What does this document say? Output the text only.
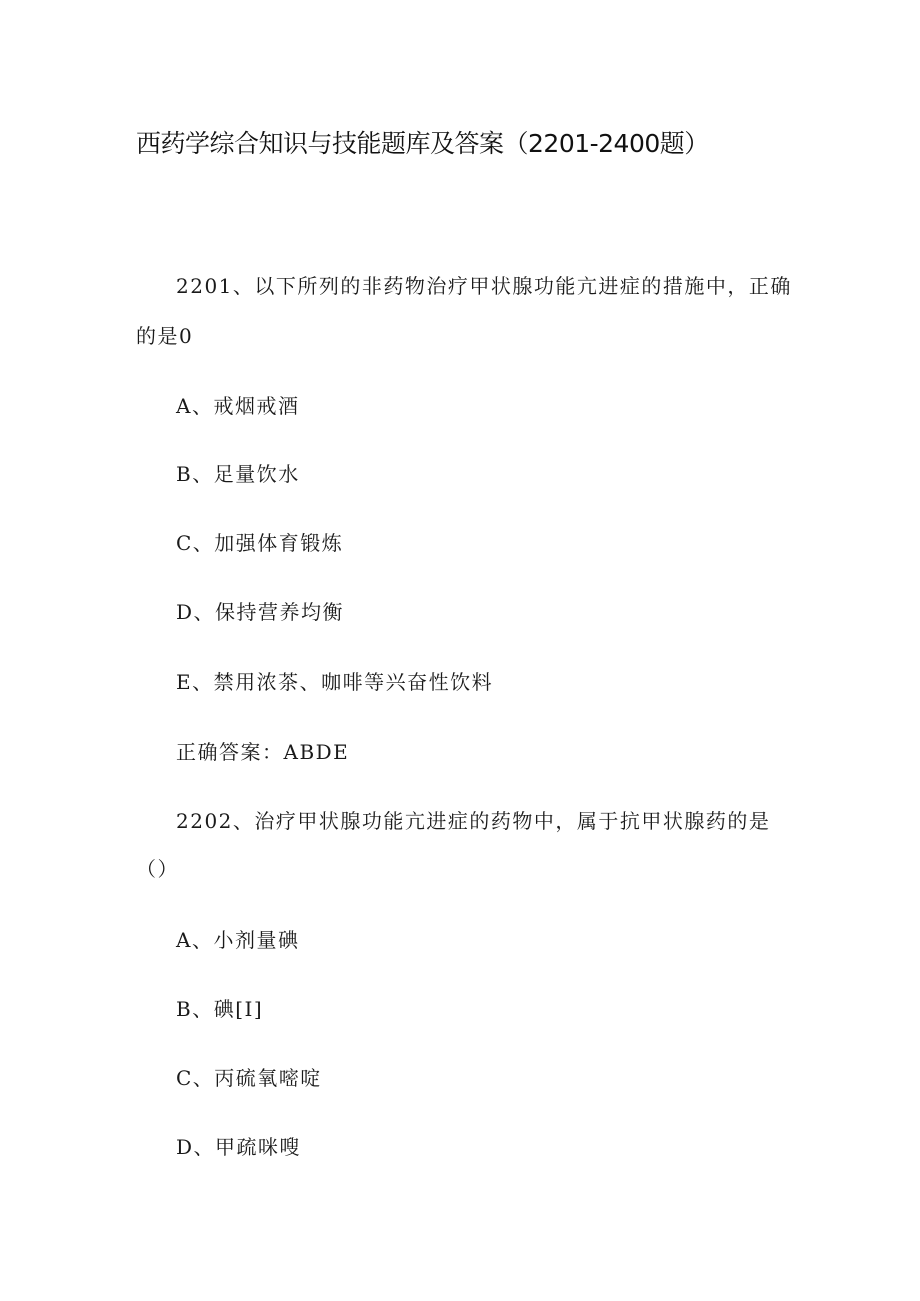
西药学综合知识与技能题库及答案（2201-2400题）
2201、以下所列的非药物治疗甲状腺功能亢进症的措施中，正确
的是0
A、戒烟戒酒
B、足量饮水
C、加强体育锻炼
D、保持营养均衡
E、禁用浓茶、咖啡等兴奋性饮料
正确答案：ABDE
2202、治疗甲状腺功能亢进症的药物中，属于抗甲状腺药的是
（）
A、小剂量碘
B、碘[I]
C、丙硫氧嘧啶
D、甲疏咪嗖
